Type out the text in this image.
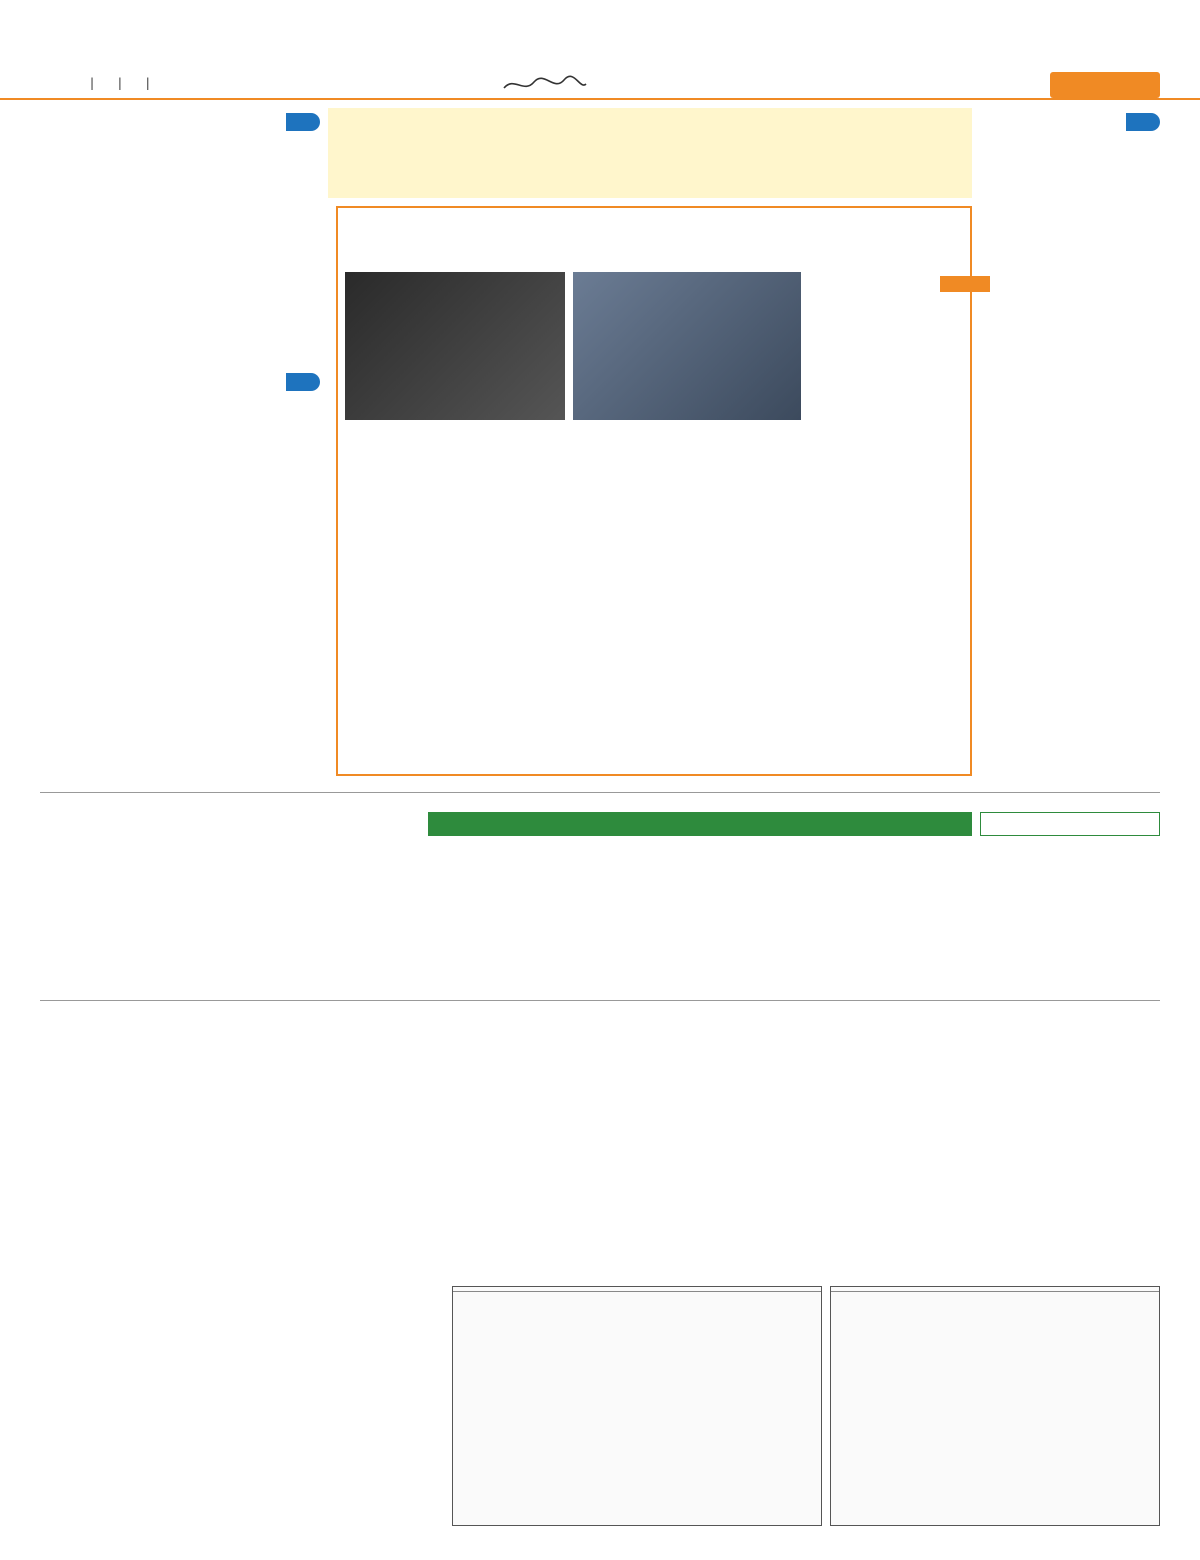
| | |
